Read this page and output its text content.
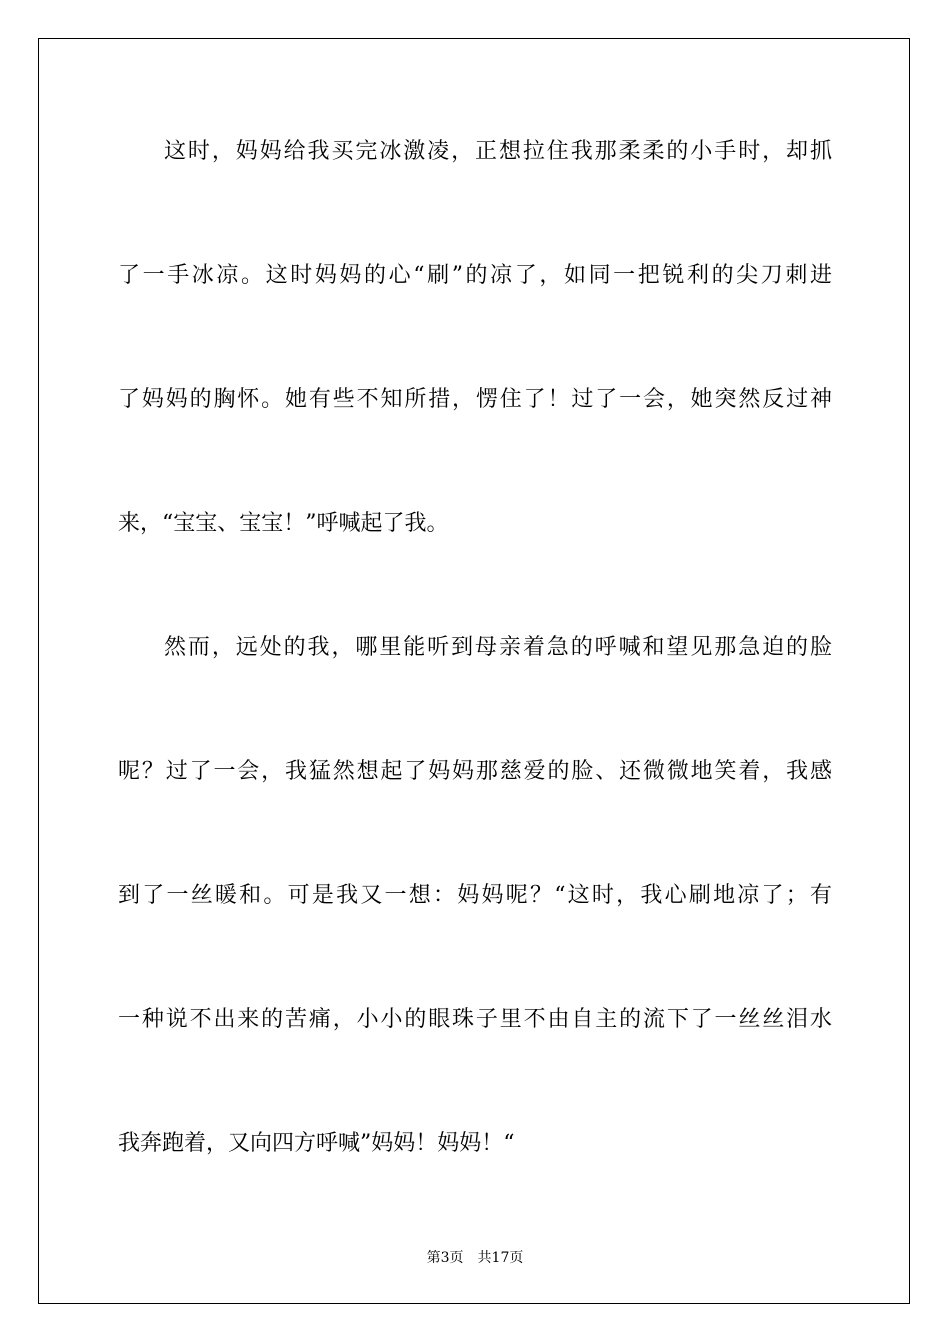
这时，妈妈给我买完冰激凌，正想拉住我那柔柔的小手时，却抓
了一手冰凉。这时妈妈的心“刷”的凉了，如同一把锐利的尖刀刺进
了妈妈的胸怀。她有些不知所措，愣住了！过了一会，她突然反过神
来，“宝宝、宝宝！”呼喊起了我。
然而，远处的我，哪里能听到母亲着急的呼喊和望见那急迫的脸
呢？过了一会，我猛然想起了妈妈那慈爱的脸、还微微地笑着，我感
到了一丝暖和。可是我又一想：妈妈呢？“这时，我心刷地凉了；有
一种说不出来的苦痛，小小的眼珠子里不由自主的流下了一丝丝泪水
我奔跑着，又向四方呼喊”妈妈！妈妈！“
第3页 共17页
